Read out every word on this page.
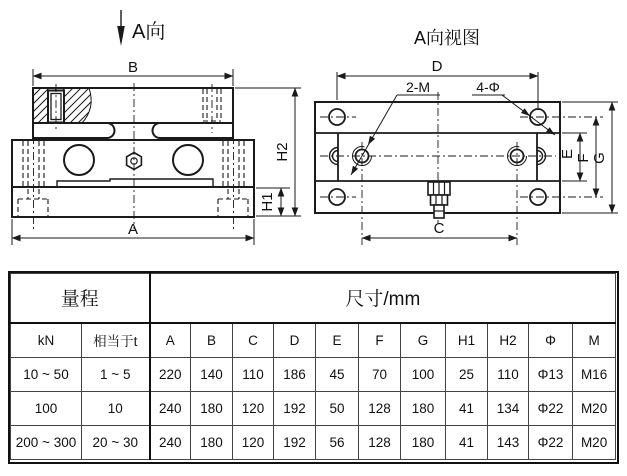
A向
B
A
H2
H1
A向视图
2-M	4-Φ
D
C
E F G
量程		尺寸/mm										
kN	相当于t	A	B	C	D	E	F	G	H1	H2	Φ	M
10 ~ 50	1 ~ 5	220	140	110	186	45	70	100	25	110	Φ13	M16
100	10	240	180	120	192	50	128	180	41	134	Φ22	M20
200 ~ 300	20 ~ 30	240	180	120	192	56	128	180	41	143	Φ22	M20
